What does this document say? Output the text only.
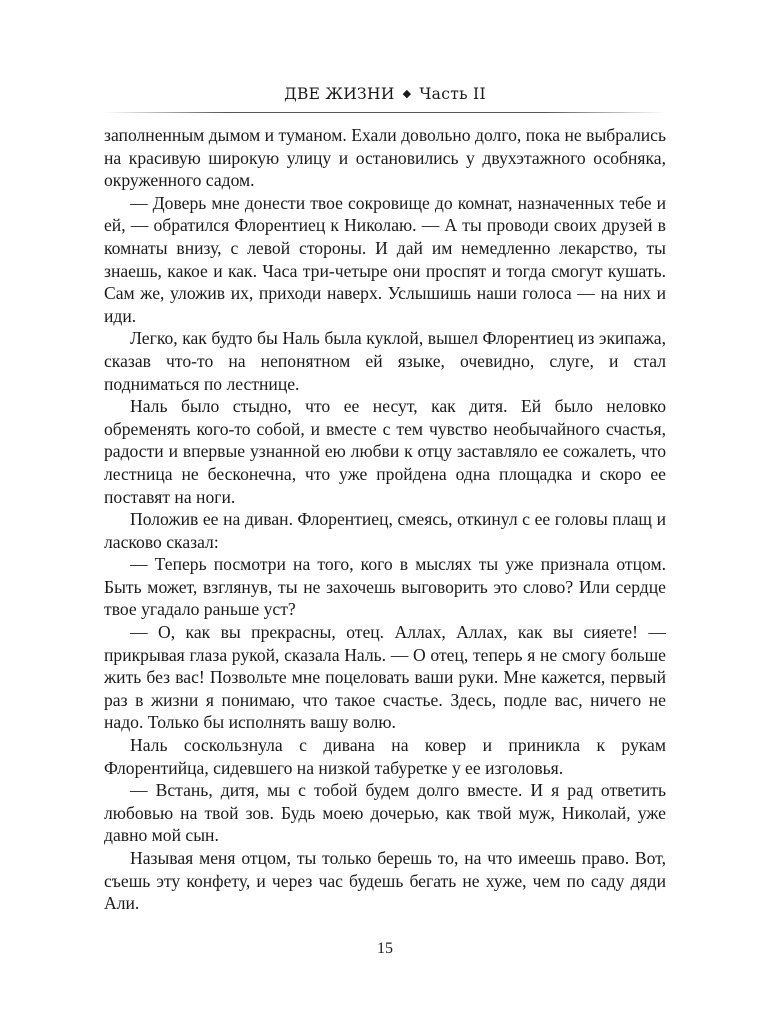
ДВЕ ЖИЗНИ ◆ Часть II

заполненным дымом и туманом. Ехали довольно долго, пока не выбрались на красивую широкую улицу и остановились у двухэтажного особняка, окруженного садом.

— Доверь мне донести твое сокровище до комнат, назначенных тебе и ей, — обратился Флорентиец к Николаю. — А ты проводи своих друзей в комнаты внизу, с левой стороны. И дай им немедленно лекарство, ты знаешь, какое и как. Часа три-четыре они проспят и тогда смогут кушать. Сам же, уложив их, приходи наверх. Услышишь наши голоса — на них и иди.

Легко, как будто бы Наль была куклой, вышел Флорентиец из экипажа, сказав что-то на непонятном ей языке, очевидно, слуге, и стал подниматься по лестнице.

Наль было стыдно, что ее несут, как дитя. Ей было неловко обременять кого-то собой, и вместе с тем чувство необычайного счастья, радости и впервые узнанной ею любви к отцу заставляло ее сожалеть, что лестница не бесконечна, что уже пройдена одна площадка и скоро ее поставят на ноги.

Положив ее на диван. Флорентиец, смеясь, откинул с ее головы плащ и ласково сказал:

— Теперь посмотри на того, кого в мыслях ты уже признала отцом. Быть может, взглянув, ты не захочешь выговорить это слово? Или сердце твое угадало раньше уст?

— О, как вы прекрасны, отец. Аллах, Аллах, как вы сияете! — прикрывая глаза рукой, сказала Наль. — О отец, теперь я не смогу больше жить без вас! Позвольте мне поцеловать ваши руки. Мне кажется, первый раз в жизни я понимаю, что такое счастье. Здесь, подле вас, ничего не надо. Только бы исполнять вашу волю.

Наль соскользнула с дивана на ковер и приникла к рукам Флорентийца, сидевшего на низкой табуретке у ее изголовья.

— Встань, дитя, мы с тобой будем долго вместе. И я рад ответить любовью на твой зов. Будь моею дочерью, как твой муж, Николай, уже давно мой сын.

Называя меня отцом, ты только берешь то, на что имеешь право. Вот, съешь эту конфету, и через час будешь бегать не хуже, чем по саду дяди Али.

15
